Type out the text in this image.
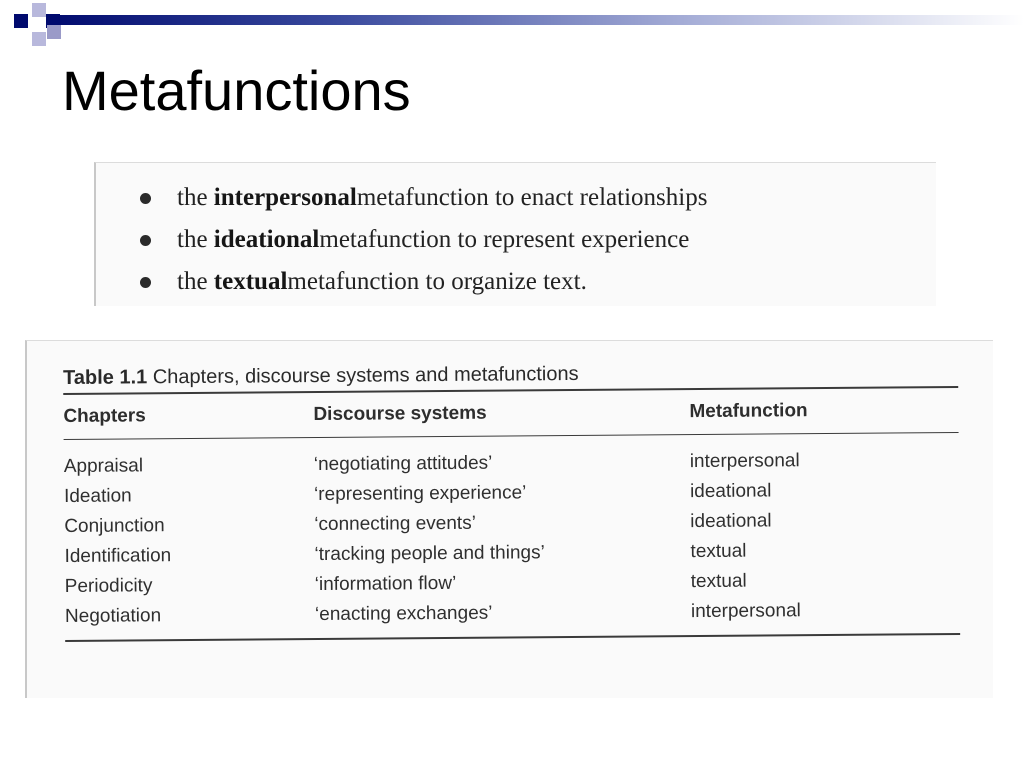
Metafunctions
the
interpersonal metafunction to enact relationships
the
ideational metafunction to represent experience
the
textual metafunction to organize text.
Table 1.1 Chapters, discourse systems and metafunctions
Chapters	Discourse systems	Metafunction
Appraisal	‘negotiating attitudes’	interpersonal
Ideation	‘representing experience’	ideational
Conjunction	‘connecting events’	ideational
Identification	‘tracking people and things’	textual
Periodicity	‘information flow’	textual
Negotiation	‘enacting exchanges’	interpersonal
